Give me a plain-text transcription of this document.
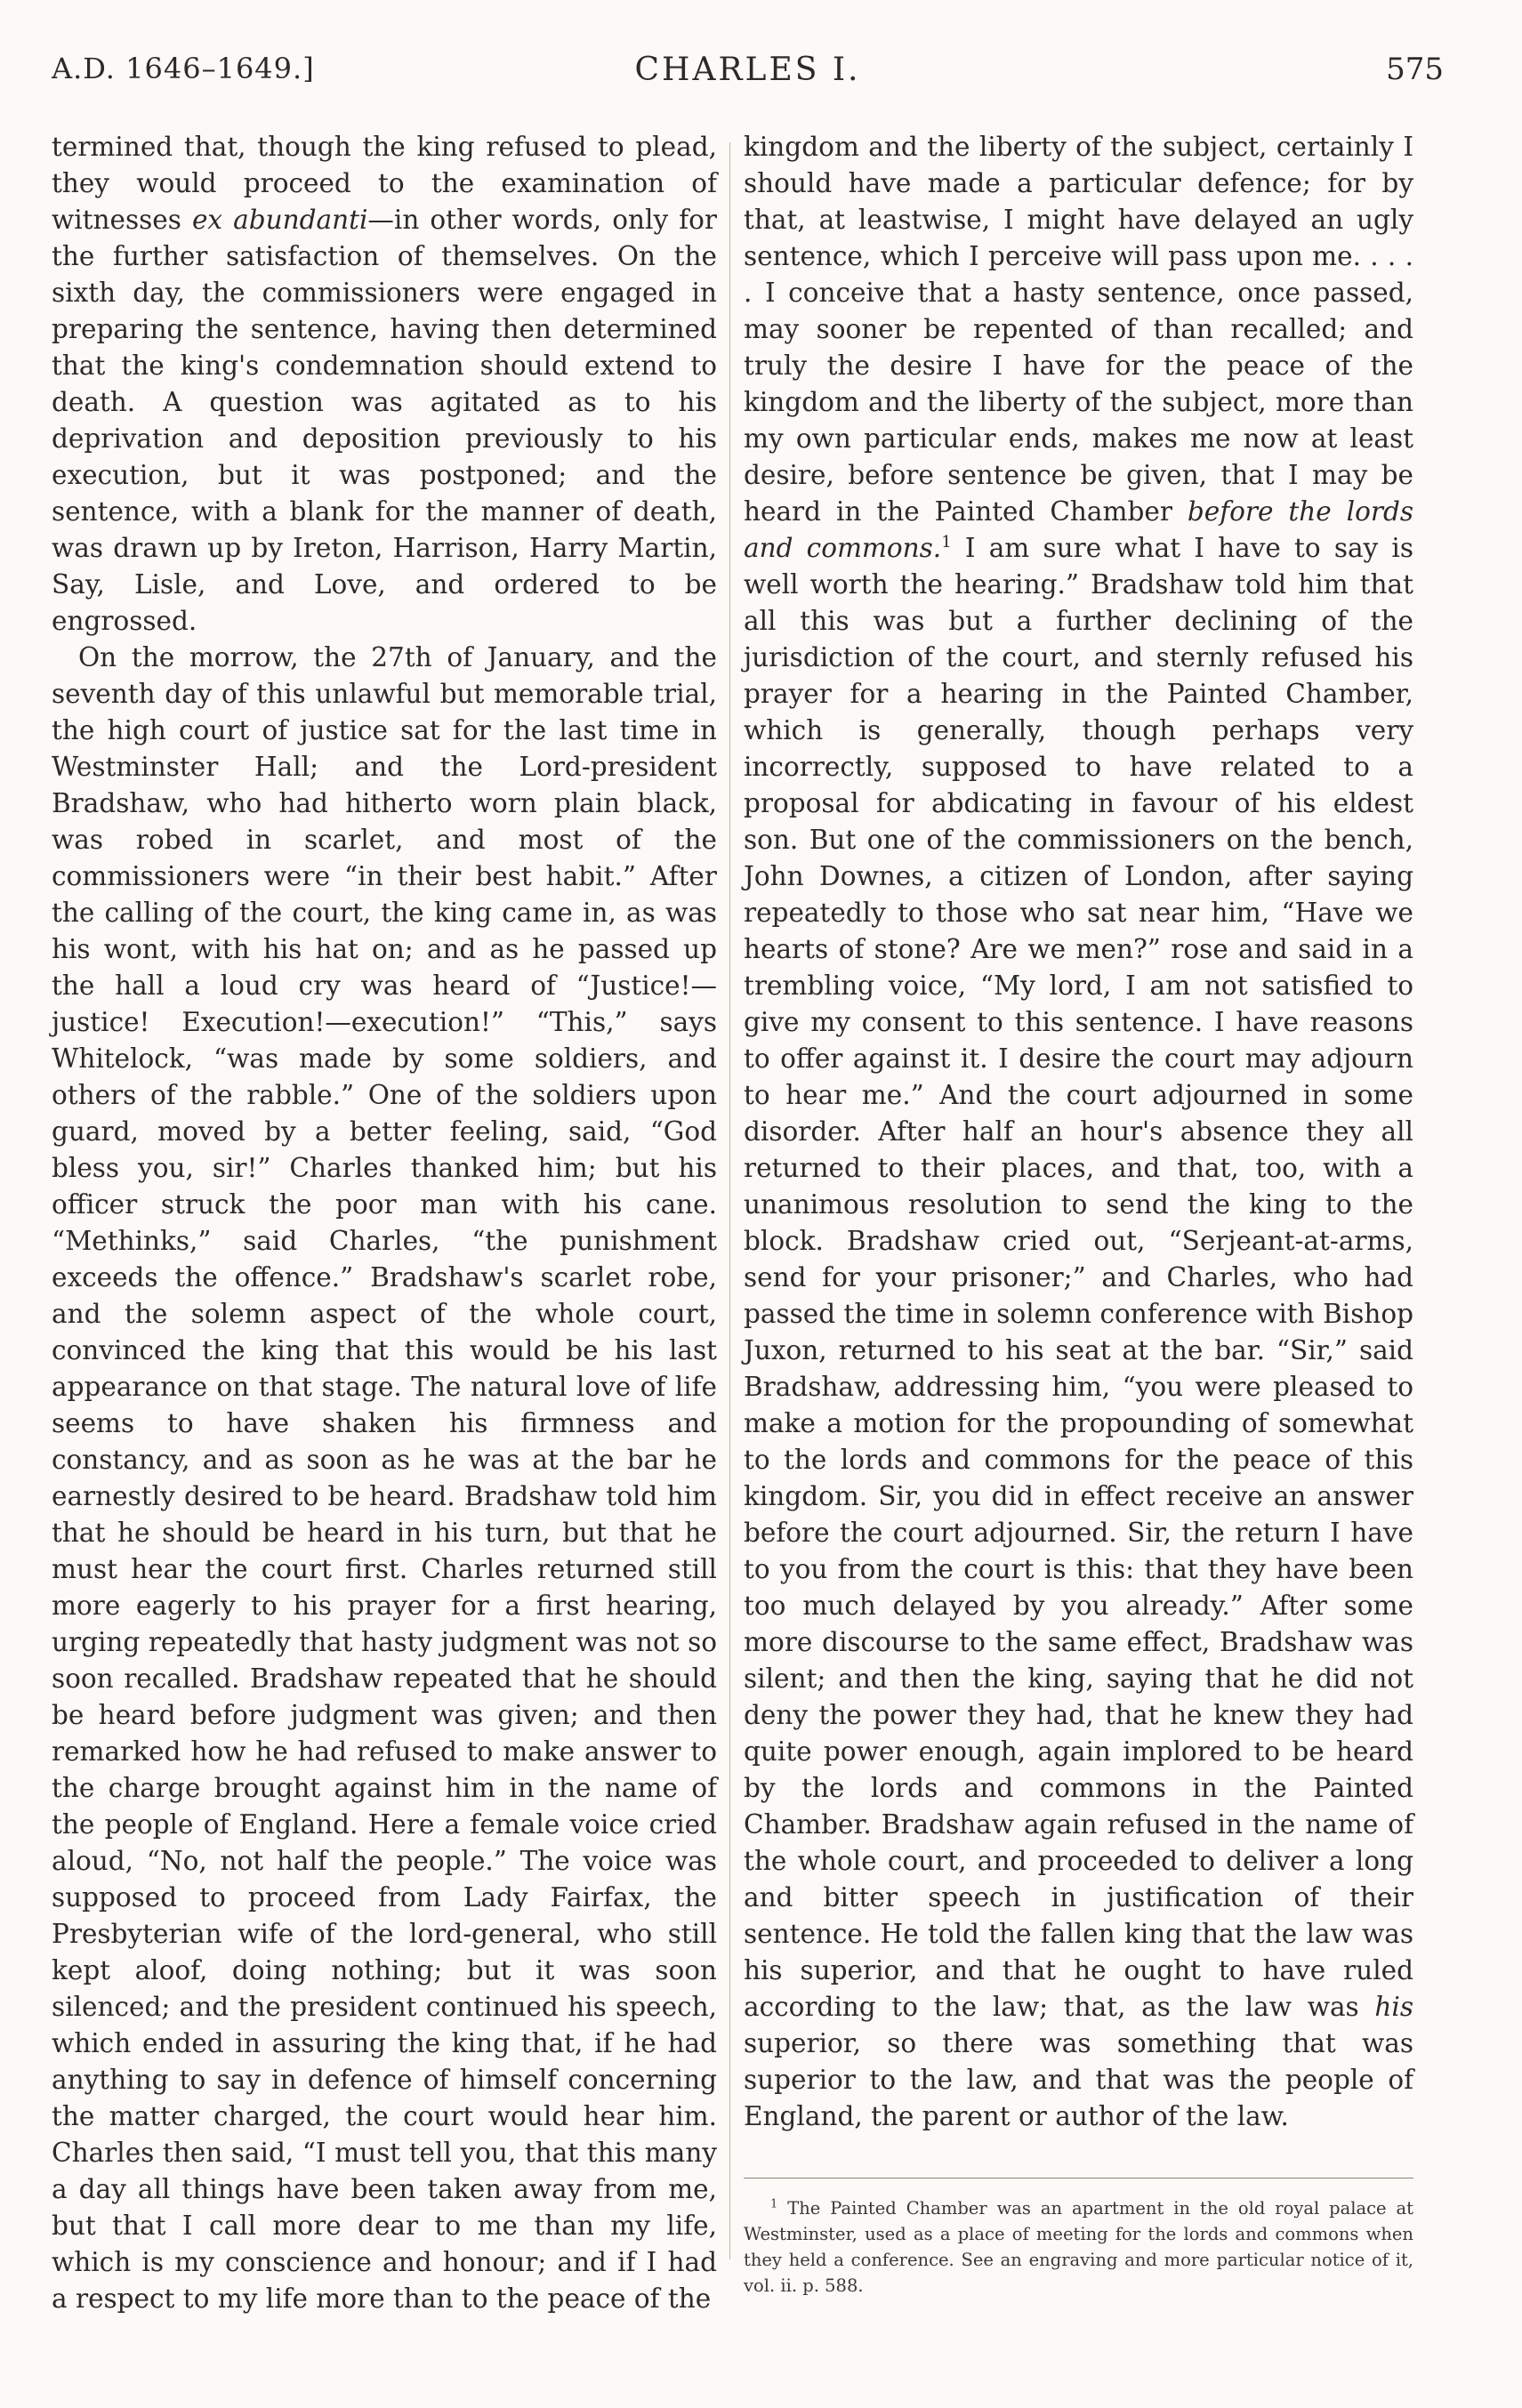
A.D. 1646–1649.]	CHARLES I.	575

termined that, though the king refused to plead, they would proceed to the examination of witnesses ex abundanti—in other words, only for the further satisfaction of themselves. On the sixth day, the commissioners were engaged in preparing the sentence, having then determined that the king's condemnation should extend to death. A question was agitated as to his deprivation and deposition previously to his execution, but it was postponed; and the sentence, with a blank for the manner of death, was drawn up by Ireton, Harrison, Harry Martin, Say, Lisle, and Love, and ordered to be engrossed.

On the morrow, the 27th of January, and the seventh day of this unlawful but memorable trial, the high court of justice sat for the last time in Westminster Hall; and the Lord-president Bradshaw, who had hitherto worn plain black, was robed in scarlet, and most of the commissioners were “in their best habit.” After the calling of the court, the king came in, as was his wont, with his hat on; and as he passed up the hall a loud cry was heard of “Justice!—justice! Execution!—execution!” “This,” says Whitelock, “was made by some soldiers, and others of the rabble.” One of the soldiers upon guard, moved by a better feeling, said, “God bless you, sir!” Charles thanked him; but his officer struck the poor man with his cane. “Methinks,” said Charles, “the punishment exceeds the offence.” Bradshaw's scarlet robe, and the solemn aspect of the whole court, convinced the king that this would be his last appearance on that stage. The natural love of life seems to have shaken his firmness and constancy, and as soon as he was at the bar he earnestly desired to be heard. Bradshaw told him that he should be heard in his turn, but that he must hear the court first. Charles returned still more eagerly to his prayer for a first hearing, urging repeatedly that hasty judgment was not so soon recalled. Bradshaw repeated that he should be heard before judgment was given; and then remarked how he had refused to make answer to the charge brought against him in the name of the people of England. Here a female voice cried aloud, “No, not half the people.” The voice was supposed to proceed from Lady Fairfax, the Presbyterian wife of the lord-general, who still kept aloof, doing nothing; but it was soon silenced; and the president continued his speech, which ended in assuring the king that, if he had anything to say in defence of himself concerning the matter charged, the court would hear him. Charles then said, “I must tell you, that this many a day all things have been taken away from me, but that I call more dear to me than my life, which is my conscience and honour; and if I had a respect to my life more than to the peace of the

kingdom and the liberty of the subject, certainly I should have made a particular defence; for by that, at leastwise, I might have delayed an ugly sentence, which I perceive will pass upon me. . . . . I conceive that a hasty sentence, once passed, may sooner be repented of than recalled; and truly the desire I have for the peace of the kingdom and the liberty of the subject, more than my own particular ends, makes me now at least desire, before sentence be given, that I may be heard in the Painted Chamber before the lords and commons.$^1$ I am sure what I have to say is well worth the hearing.” Bradshaw told him that all this was but a further declining of the jurisdiction of the court, and sternly refused his prayer for a hearing in the Painted Chamber, which is generally, though perhaps very incorrectly, supposed to have related to a proposal for abdicating in favour of his eldest son. But one of the commissioners on the bench, John Downes, a citizen of London, after saying repeatedly to those who sat near him, “Have we hearts of stone? Are we men?” rose and said in a trembling voice, “My lord, I am not satisfied to give my consent to this sentence. I have reasons to offer against it. I desire the court may adjourn to hear me.” And the court adjourned in some disorder. After half an hour's absence they all returned to their places, and that, too, with a unanimous resolution to send the king to the block. Bradshaw cried out, “Serjeant-at-arms, send for your prisoner;” and Charles, who had passed the time in solemn conference with Bishop Juxon, returned to his seat at the bar. “Sir,” said Bradshaw, addressing him, “you were pleased to make a motion for the propounding of somewhat to the lords and commons for the peace of this kingdom. Sir, you did in effect receive an answer before the court adjourned. Sir, the return I have to you from the court is this: that they have been too much delayed by you already.” After some more discourse to the same effect, Bradshaw was silent; and then the king, saying that he did not deny the power they had, that he knew they had quite power enough, again implored to be heard by the lords and commons in the Painted Chamber. Bradshaw again refused in the name of the whole court, and proceeded to deliver a long and bitter speech in justification of their sentence. He told the fallen king that the law was his superior, and that he ought to have ruled according to the law; that, as the law was his superior, so there was something that was superior to the law, and that was the people of England, the parent or author of the law.

$^1$ The Painted Chamber was an apartment in the old royal palace at Westminster, used as a place of meeting for the lords and commons when they held a conference. See an engraving and more particular notice of it, vol. ii. p. 588.
